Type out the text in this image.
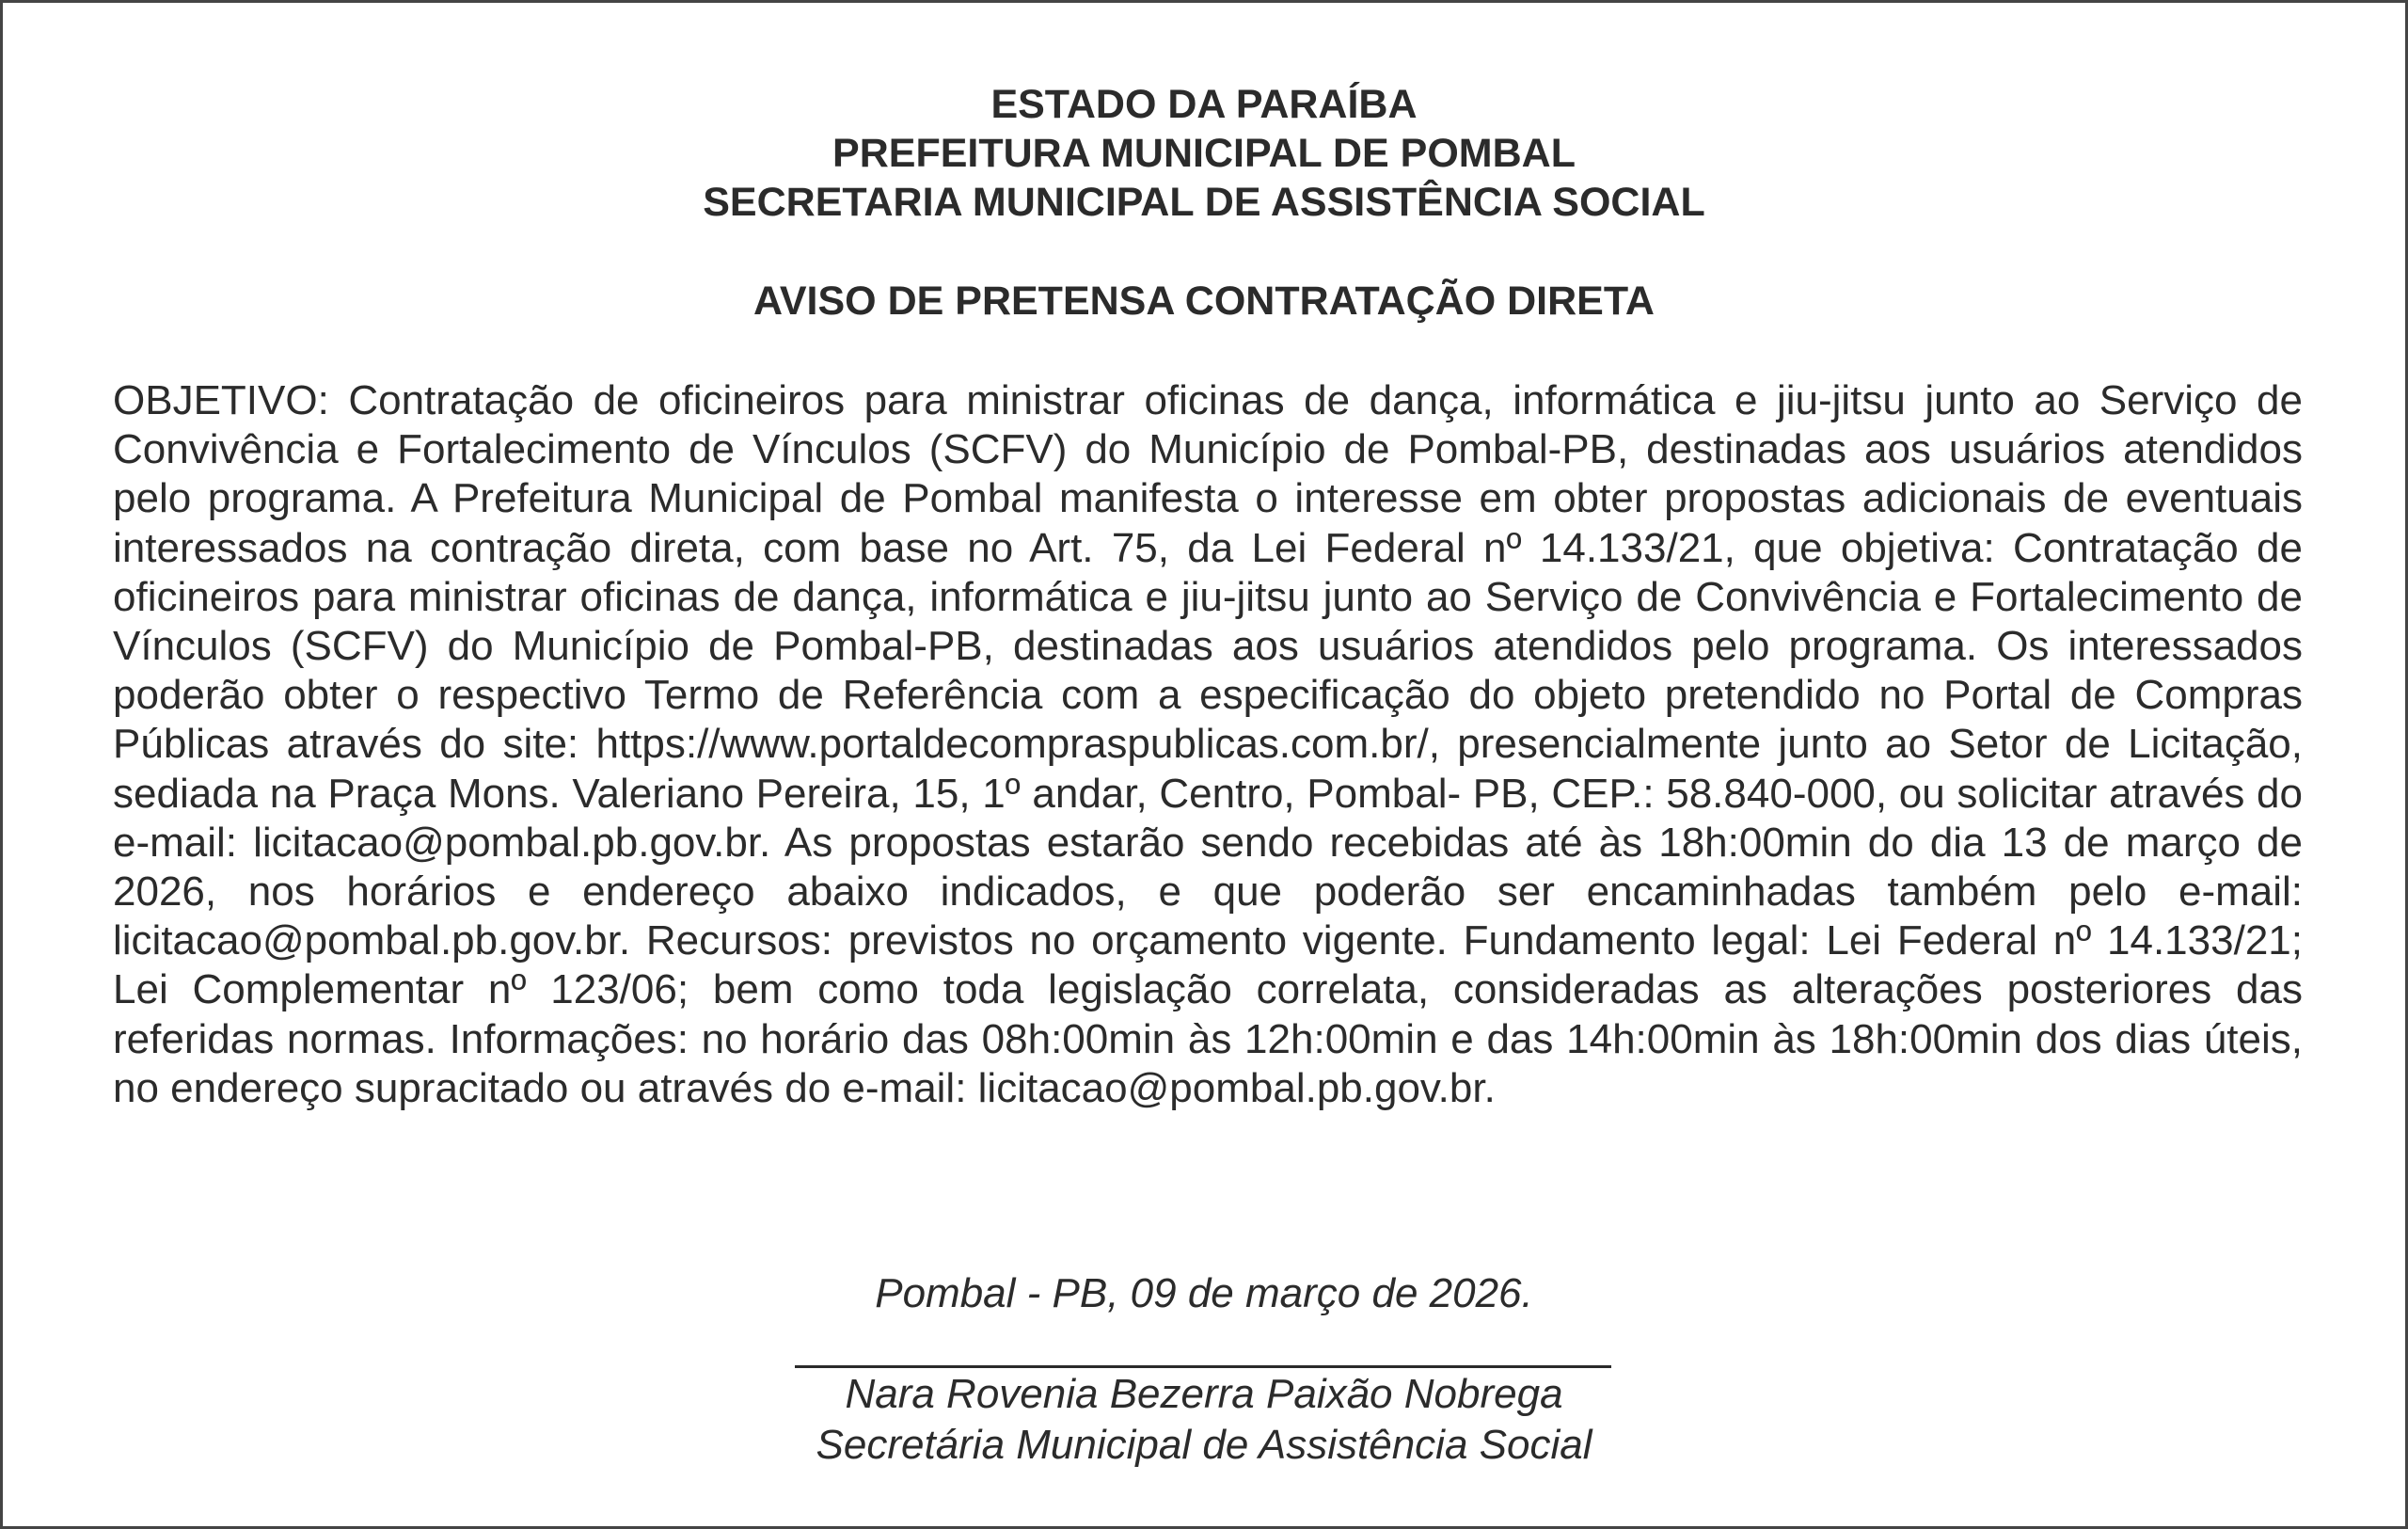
ESTADO DA PARAÍBA
PREFEITURA MUNICIPAL DE POMBAL
SECRETARIA MUNICIPAL DE ASSISTÊNCIA SOCIAL
AVISO DE PRETENSA CONTRATAÇÃO DIRETA

OBJETIVO: Contratação de oficineiros para ministrar oficinas de dança, informática e jiu-jitsu junto ao Serviço de Convivência e Fortalecimento de Vínculos (SCFV) do Município de Pombal-PB, destinadas aos usuários atendidos pelo programa. A Prefeitura Municipal de Pombal manifesta o interesse em obter propostas adicionais de eventuais interessados na contração direta, com base no Art. 75, da Lei Federal nº 14.133/21, que objetiva: Contratação de oficineiros para ministrar oficinas de dança, informática e jiu-jitsu junto ao Serviço de Convivência e Fortalecimento de Vínculos (SCFV) do Município de Pombal-PB, destinadas aos usuários atendidos pelo programa. Os interessados poderão obter o respectivo Termo de Referência com a especificação do objeto pretendido no Portal de Compras Públicas através do site: https://www.portaldecompraspublicas.com.br/, presencialmente junto ao Setor de Licitação, sediada na Praça Mons. Valeriano Pereira, 15, 1º andar, Centro, Pombal- PB, CEP.: 58.840-000, ou solicitar através do e-mail: licitacao@pombal.pb.gov.br. As propostas estarão sendo recebidas até às 18h:00min do dia 13 de março de 2026, nos horários e endereço abaixo indicados, e que poderão ser encaminhadas também pelo e-mail: licitacao@pombal.pb.gov.br. Recursos: previstos no orçamento vigente. Fundamento legal: Lei Federal nº 14.133/21; Lei Complementar nº 123/06; bem como toda legislação correlata, consideradas as alterações posteriores das referidas normas. Informações: no horário das 08h:00min às 12h:00min e das 14h:00min às 18h:00min dos dias úteis, no endereço supracitado ou através do e-mail: licitacao@pombal.pb.gov.br.

Pombal - PB, 09 de março de 2026.
Nara Rovenia Bezerra Paixão Nobrega
Secretária Municipal de Assistência Social
